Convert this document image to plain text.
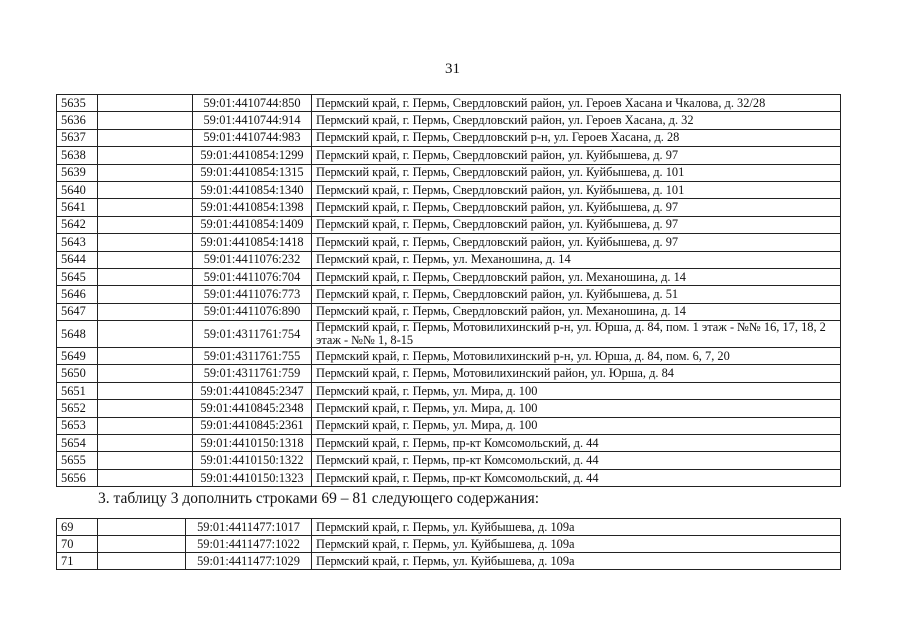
31
5635		59:01:4410744:850	Пермский край, г. Пермь, Свердловский район, ул. Героев Хасана и Чкалова, д. 32/28
5636		59:01:4410744:914	Пермский край, г. Пермь, Свердловский район, ул. Героев Хасана, д. 32
5637		59:01:4410744:983	Пермский край, г. Пермь, Свердловский р-н, ул. Героев Хасана, д. 28
5638		59:01:4410854:1299	Пермский край, г. Пермь, Свердловский район, ул. Куйбышева, д. 97
5639		59:01:4410854:1315	Пермский край, г. Пермь, Свердловский район, ул. Куйбышева, д. 101
5640		59:01:4410854:1340	Пермский край, г. Пермь, Свердловский район, ул. Куйбышева, д. 101
5641		59:01:4410854:1398	Пермский край, г. Пермь, Свердловский район, ул. Куйбышева, д. 97
5642		59:01:4410854:1409	Пермский край, г. Пермь, Свердловский район, ул. Куйбышева, д. 97
5643		59:01:4410854:1418	Пермский край, г. Пермь, Свердловский район, ул. Куйбышева, д. 97
5644		59:01:4411076:232	Пермский край, г. Пермь, ул. Механошина, д. 14
5645		59:01:4411076:704	Пермский край, г. Пермь, Свердловский район, ул. Механошина, д. 14
5646		59:01:4411076:773	Пермский край, г. Пермь, Свердловский район, ул. Куйбышева, д. 51
5647		59:01:4411076:890	Пермский край, г. Пермь, Свердловский район, ул. Механошина, д. 14
5648		59:01:4311761:754	Пермский край, г. Пермь, Мотовилихинский р-н, ул. Юрша, д. 84, пом. 1 этаж - №№ 16, 17, 18, 2 этаж - №№ 1, 8-15
5649		59:01:4311761:755	Пермский край, г. Пермь, Мотовилихинский р-н, ул. Юрша, д. 84, пом. 6, 7, 20
5650		59:01:4311761:759	Пермский край, г. Пермь, Мотовилихинский район, ул. Юрша, д. 84
5651		59:01:4410845:2347	Пермский край, г. Пермь, ул. Мира, д. 100
5652		59:01:4410845:2348	Пермский край, г. Пермь, ул. Мира, д. 100
5653		59:01:4410845:2361	Пермский край, г. Пермь, ул. Мира, д. 100
5654		59:01:4410150:1318	Пермский край, г. Пермь, пр-кт Комсомольский, д. 44
5655		59:01:4410150:1322	Пермский край, г. Пермь, пр-кт Комсомольский, д. 44
5656		59:01:4410150:1323	Пермский край, г. Пермь, пр-кт Комсомольский, д. 44
3. таблицу 3 дополнить строками 69 – 81 следующего содержания:
69		59:01:4411477:1017	Пермский край, г. Пермь, ул. Куйбышева, д. 109а
70		59:01:4411477:1022	Пермский край, г. Пермь, ул. Куйбышева, д. 109а
71		59:01:4411477:1029	Пермский край, г. Пермь, ул. Куйбышева, д. 109а
